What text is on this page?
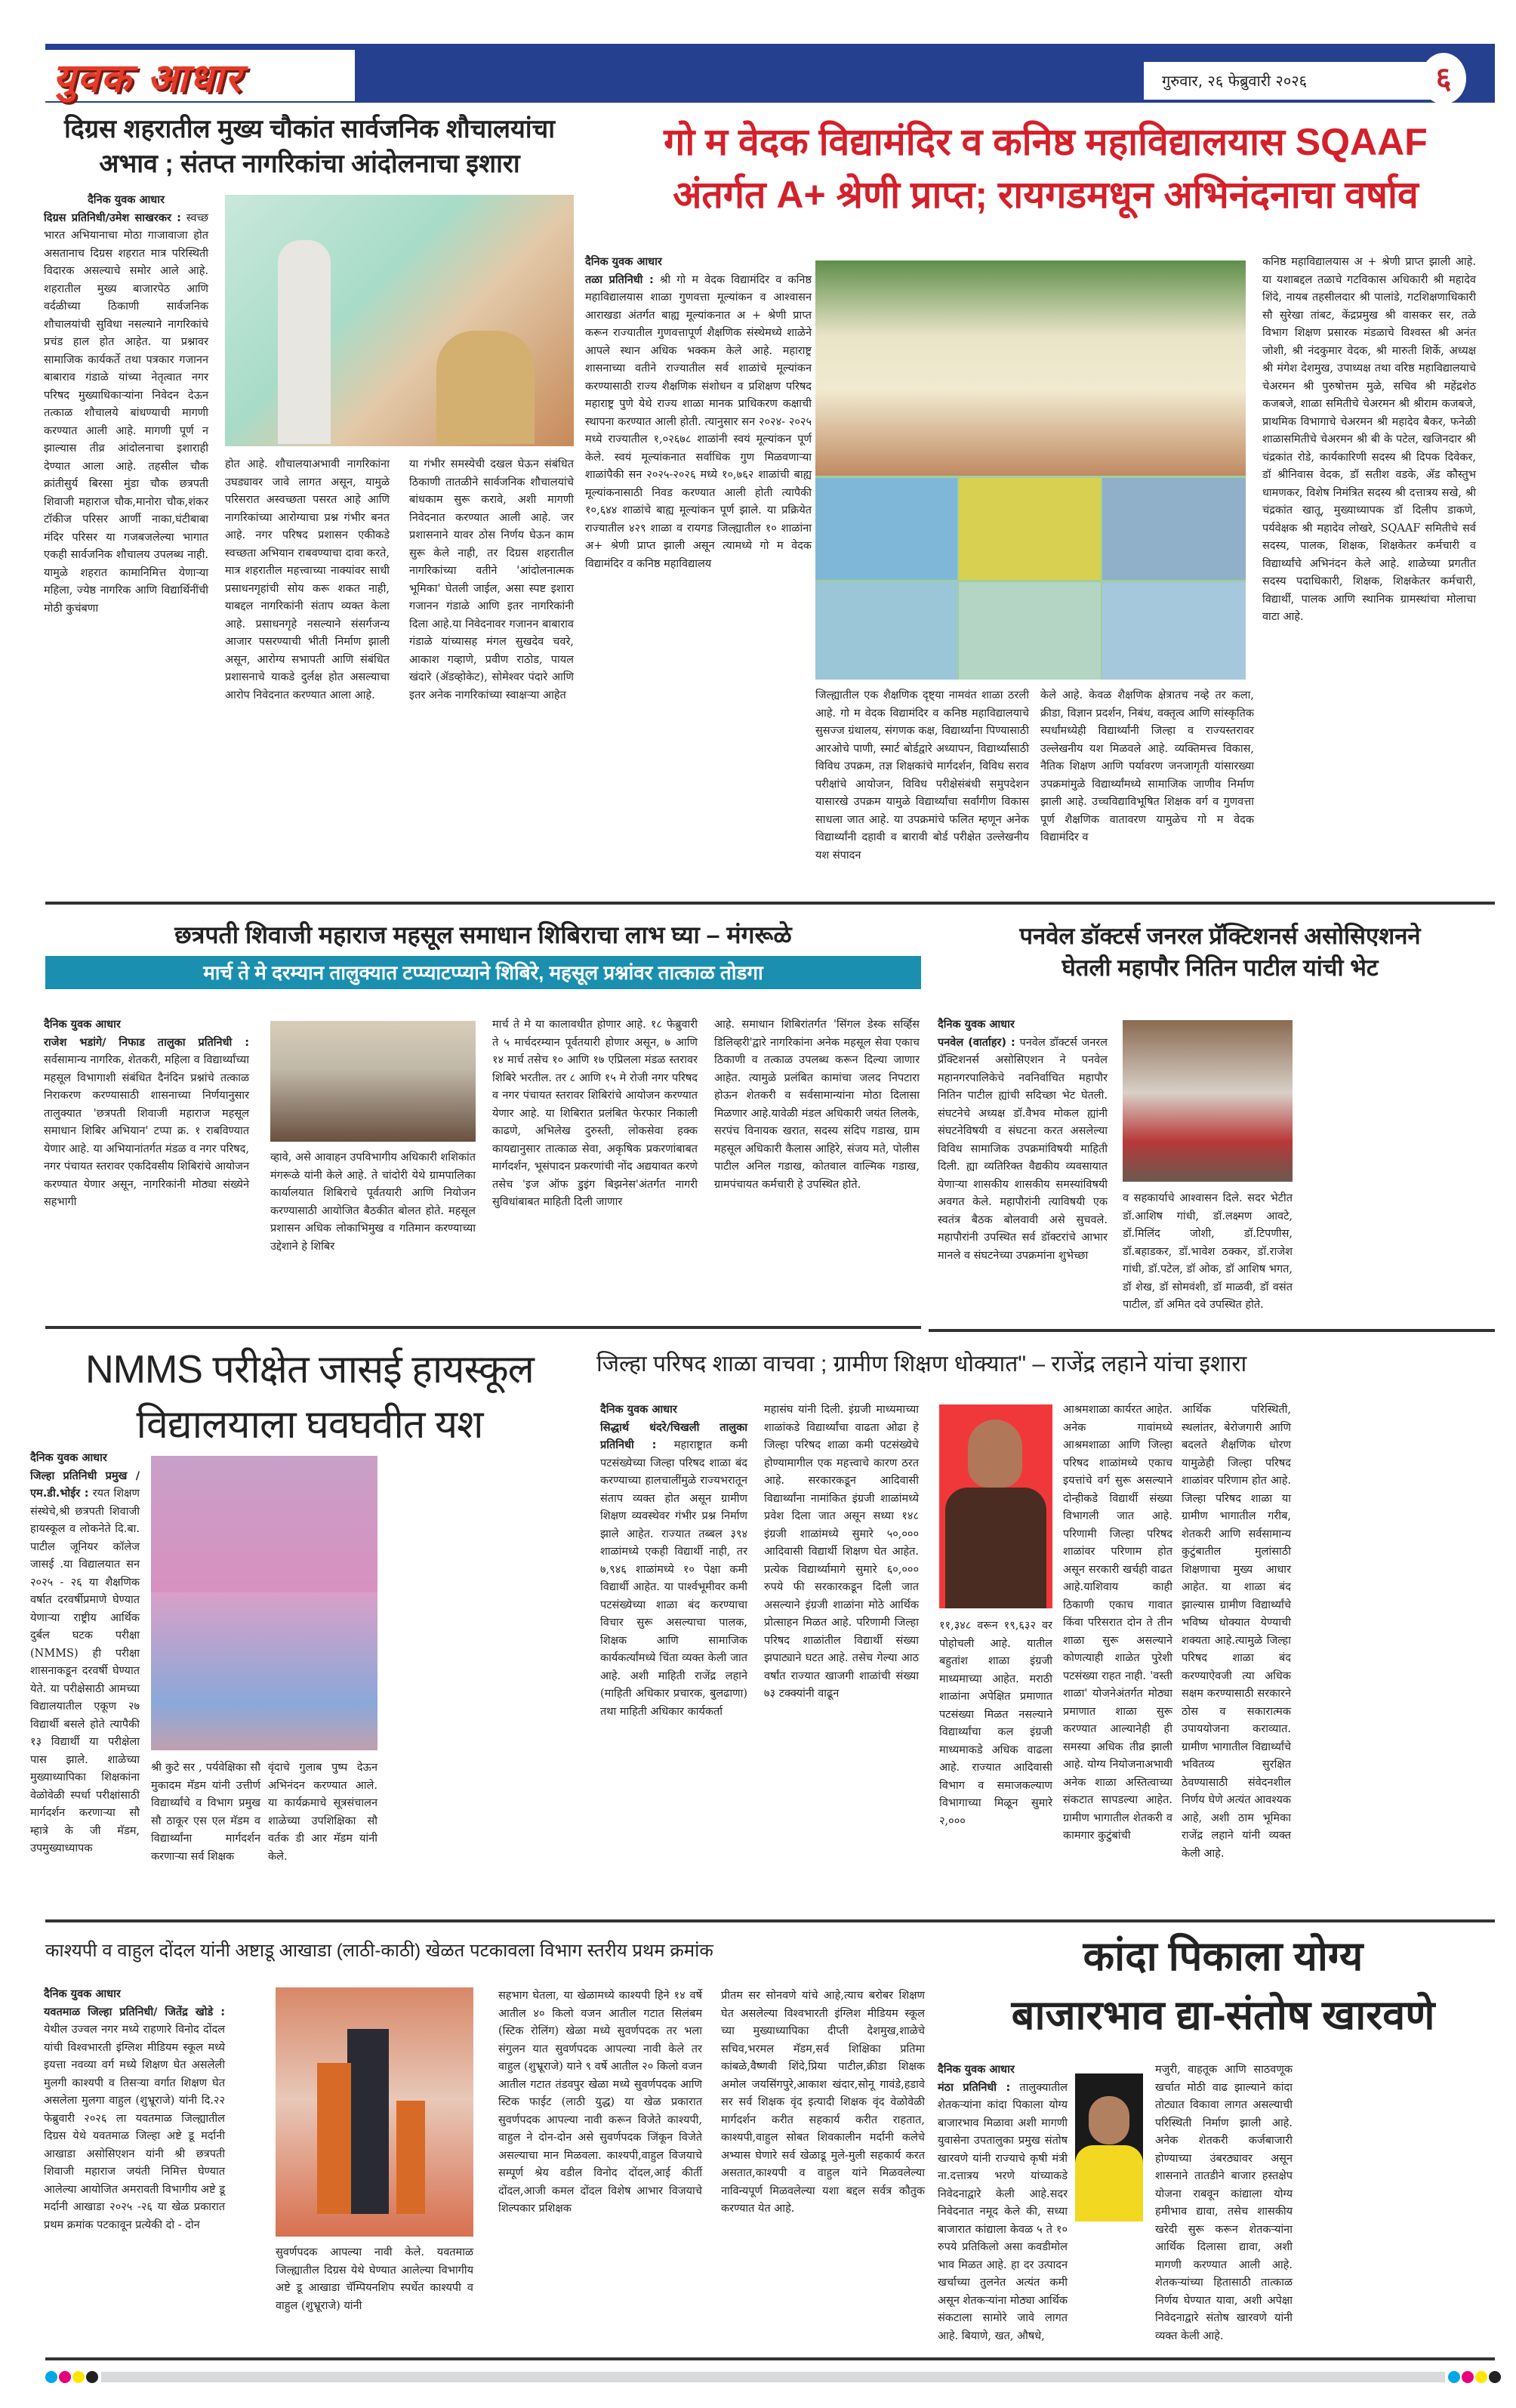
युवक आधार	गुरुवार, २६ फेब्रुवारी २०२६	६
दिग्रस शहरातील मुख्य चौकांत सार्वजनिक शौचालयांचा
अभाव ; संतप्त नागरिकांचा आंदोलनाचा इशारा
दैनिक युवक आधार
दिग्रस प्रतिनिधी/उमेश साखरकर : स्वच्छ भारत अभियानाचा मोठा गाजावाजा होत असतानाच दिग्रस शहरात मात्र परिस्थिती विदारक असल्याचे समोर आले आहे. शहरातील मुख्य बाजारपेठ आणि वर्दळीच्या ठिकाणी सार्वजनिक शौचालयांची सुविधा नसल्याने नागरिकांचे प्रचंड हाल होत आहेत. या प्रश्नावर सामाजिक कार्यकर्ते तथा पत्रकार गजानन बाबाराव गंडाळे यांच्या नेतृत्वात नगर परिषद मुख्याधिकाऱ्यांना निवेदन देऊन तत्काळ शौचालये बांधण्याची मागणी करण्यात आली आहे. मागणी पूर्ण न झाल्यास तीव्र आंदोलनाचा इशाराही देण्यात आला आहे. तहसील चौक क्रांतीसुर्य बिरसा मुंडा चौक छत्रपती शिवाजी महाराज चौक,मानोरा चौक,शंकर टॉकीज परिसर आर्णी नाका,घंटीबाबा मंदिर परिसर या गजबजलेल्या भागात एकही सार्वजनिक शौचालय उपलब्ध नाही. यामुळे शहरात कामानिमित्त येणाऱ्या महिला, ज्येष्ठ नागरिक आणि विद्यार्थिनींची मोठी कुचंबणा
होत आहे. शौचालयाअभावी नागरिकांना उघड्यावर जावे लागत असून, यामुळे परिसरात अस्वच्छता पसरत आहे आणि नागरिकांच्या आरोग्याचा प्रश्न गंभीर बनत आहे. नगर परिषद प्रशासन एकीकडे स्वच्छता अभियान राबवण्याचा दावा करते, मात्र शहरातील महत्त्वाच्या नाक्यांवर साधी प्रसाधनगृहांची सोय करू शकत नाही, याबद्दल नागरिकांनी संताप व्यक्त केला आहे. प्रसाधनगृहे नसल्याने संसर्गजन्य आजार पसरण्याची भीती निर्माण झाली असून, आरोग्य सभापती आणि संबंधित प्रशासनाचे याकडे दुर्लक्ष होत असल्याचा आरोप निवेदनात करण्यात आला आहे.
या गंभीर समस्येची दखल घेऊन संबंधित ठिकाणी तातळीने सार्वजनिक शौचालयांचे बांधकाम सुरू करावे, अशी मागणी निवेदनात करण्यात आली आहे. जर प्रशासनाने यावर ठोस निर्णय घेऊन काम सुरू केले नाही, तर दिग्रस शहरातील नागरिकांच्या वतीने 'आंदोलनात्मक भूमिका' घेतली जाईल, असा स्पष्ट इशारा गजानन गंडाळे आणि इतर नागरिकांनी दिला आहे.या निवेदनावर गजानन बाबाराव गंडाळे यांच्यासह मंगल सुखदेव चवरे, आकाश गव्हाणे, प्रवीण राठोड, पायल खंदारे (ॲडव्होकेट), सोमेश्वर पंदारे आणि इतर अनेक नागरिकांच्या स्वाक्षऱ्या आहेत
गो म वेदक विद्यामंदिर व कनिष्ठ महाविद्यालयास SQAAF
अंतर्गत A+ श्रेणी प्राप्त; रायगडमधून अभिनंदनाचा वर्षाव
दैनिक युवक आधार
तळा प्रतिनिधी : श्री गो म वेदक विद्यामंदिर व कनिष्ठ महाविद्यालयास शाळा गुणवत्ता मूल्यांकन व आश्वासन आराखडा अंतर्गत बाह्य मूल्यांकनात अ + श्रेणी प्राप्त करून राज्यातील गुणवत्तापूर्ण शैक्षणिक संस्थेमध्ये शाळेने आपले स्थान अधिक भक्कम केले आहे. महाराष्ट्र शासनाच्या वतीने राज्यातील सर्व शाळांचे मूल्यांकन करण्यासाठी राज्य शैक्षणिक संशोधन व प्रशिक्षण परिषद महाराष्ट्र पुणे येथे राज्य शाळा मानक प्राधिकरण कक्षाची स्थापना करण्यात आली होती. त्यानुसार सन २०२४- २०२५ मध्ये राज्यातील १,०२६७८ शाळांनी स्वयं मूल्यांकन पूर्ण केले. स्वयं मूल्यांकनात सर्वाधिक गुण मिळवणाऱ्या शाळांपैकी सन २०२५-२०२६ मध्ये १०,७६२ शाळांची बाह्य मूल्यांकनासाठी निवड करण्यात आली होती त्यापैकी १०,६४४ शाळांचे बाह्य मूल्यांकन पूर्ण झाले. या प्रक्रियेत राज्यातील ४२९ शाळा व रायगड जिल्ह्यातील १० शाळांना अ+ श्रेणी प्राप्त झाली असून त्यामध्ये गो म वेदक विद्यामंदिर व कनिष्ठ महाविद्यालय
जिल्ह्यातील एक शैक्षणिक दृष्ट्या नामवंत शाळा ठरली आहे. गो म वेदक विद्यामंदिर व कनिष्ठ महाविद्यालयाचे सुसज्ज ग्रंथालय, संगणक कक्ष, विद्यार्थ्यांना पिण्यासाठी आरओचे पाणी, स्मार्ट बोर्डद्वारे अध्यापन, विद्यार्थ्यांसाठी विविध उपक्रम, तज्ञ शिक्षकांचे मार्गदर्शन, विविध सराव परीक्षांचे आयोजन, विविध परीक्षेसंबंधी समुपदेशन यासारखे उपक्रम यामुळे विद्यार्थ्यांचा सर्वांगीण विकास साधला जात आहे. या उपक्रमांचे फलित म्हणून अनेक विद्यार्थ्यांनी दहावी व बारावी बोर्ड परीक्षेत उल्लेखनीय यश संपादन
केले आहे. केवळ शैक्षणिक क्षेत्रातच नव्हे तर कला, क्रीडा, विज्ञान प्रदर्शन, निबंध, वक्तृत्व आणि सांस्कृतिक स्पर्धांमध्येही विद्यार्थ्यांनी जिल्हा व राज्यस्तरावर उल्लेखनीय यश मिळवले आहे. व्यक्तिमत्त्व विकास, नैतिक शिक्षण आणि पर्यावरण जनजागृती यांसारख्या उपक्रमांमुळे विद्यार्थ्यांमध्ये सामाजिक जाणीव निर्माण झाली आहे. उच्चविद्याविभूषित शिक्षक वर्ग व गुणवत्ता पूर्ण शैक्षणिक वातावरण यामुळेच गो म वेदक विद्यामंदिर व
कनिष्ठ महाविद्यालयास अ + श्रेणी प्राप्त झाली आहे. या यशाबद्दल तळाचे गटविकास अधिकारी श्री महादेव शिंदे, नायब तहसीलदार श्री पालांडे, गटशिक्षणाधिकारी सौ सुरेखा तांबट, केंद्रप्रमुख श्री वासकर सर, तळे विभाग शिक्षण प्रसारक मंडळाचे विश्वस्त श्री अनंत जोशी, श्री नंदकुमार वेदक, श्री मारुती शिर्के, अध्यक्ष श्री मंगेश देशमुख, उपाध्यक्ष तथा वरिष्ठ महाविद्यालयाचे चेअरमन श्री पुरुषोत्तम मुळे, सचिव श्री महेंद्रशेठ कजबजे, शाळा समितीचे चेअरमन श्री श्रीराम कजबजे, प्राथमिक विभागाचे चेअरमन श्री महादेव बैकर, फनेळी शाळासमितीचे चेअरमन श्री बी के पटेल, खजिनदार श्री चंद्रकांत रोडे, कार्यकारिणी सदस्य श्री दिपक दिवेकर, डॉ श्रीनिवास वेदक, डॉ सतीश वडके, ॲड कौस्तुभ धामणकर, विशेष निमंत्रित सदस्य श्री दत्तात्रय सखे, श्री चंद्रकांत खातू, मुख्याध्यापक डॉ दिलीप डाकणे, पर्यवेक्षक श्री महादेव लोखरे, SQAAF समितीचे सर्व सदस्य, पालक, शिक्षक, शिक्षकेतर कर्मचारी व विद्यार्थ्यांचे अभिनंदन केले आहे. शाळेच्या प्रगतीत सदस्य पदाधिकारी, शिक्षक, शिक्षकेतर कर्मचारी, विद्यार्थी, पालक आणि स्थानिक ग्रामस्थांचा मोलाचा वाटा आहे.
छत्रपती शिवाजी महाराज महसूल समाधान शिबिराचा लाभ घ्या – मंगरूळे
मार्च ते मे दरम्यान तालुक्यात टप्प्याटप्प्याने शिबिरे, महसूल प्रश्नांवर तात्काळ तोडगा
दैनिक युवक आधार
राजेश भडांगे/ निफाड तालुका प्रतिनिधी : सर्वसामान्य नागरिक, शेतकरी, महिला व विद्यार्थ्यांच्या महसूल विभागाशी संबंधित दैनंदिन प्रश्नांचे तत्काळ निराकरण करण्यासाठी शासनाच्या निर्णयानुसार तालुक्यात 'छत्रपती शिवाजी महाराज महसूल समाधान शिबिर अभियान' टप्पा क्र. १ राबविण्यात येणार आहे. या अभियानांतर्गत मंडळ व नगर परिषद, नगर पंचायत स्तरावर एकदिवसीय शिबिरांचे आयोजन करण्यात येणार असून, नागरिकांनी मोठ्या संख्येने सहभागी
व्हावे, असे आवाहन उपविभागीय अधिकारी शशिकांत मंगरूळे यांनी केले आहे. ते चांदोरी येथे ग्रामपालिका कार्यालयात शिबिराचे पूर्वतयारी आणि नियोजन करण्यासाठी आयोजित बैठकीत बोलत होते. महसूल प्रशासन अधिक लोकाभिमुख व गतिमान करण्याच्या उद्देशाने हे शिबिर
मार्च ते मे या कालावधीत होणार आहे. १८ फेब्रुवारी ते ५ मार्चदरम्यान पूर्वतयारी होणार असून, ७ आणि १४ मार्च तसेच १० आणि १७ एप्रिलला मंडळ स्तरावर शिबिरे भरतील. तर ८ आणि १५ मे रोजी नगर परिषद व नगर पंचायत स्तरावर शिबिरांचे आयोजन करण्यात येणार आहे. या शिबिरात प्रलंबित फेरफार निकाली काढणे, अभिलेख दुरुस्ती, लोकसेवा हक्क कायद्यानुसार तात्काळ सेवा, अकृषिक प्रकरणांबाबत मार्गदर्शन, भूसंपादन प्रकरणांची नोंद अद्ययावत करणे तसेच 'इज ऑफ डुइंग बिझनेस'अंतर्गत नागरी सुविधांबाबत माहिती दिली जाणार
आहे. समाधान शिबिरांतर्गत 'सिंगल डेस्क सर्व्हिस डिलिव्हरी'द्वारे नागरिकांना अनेक महसूल सेवा एकाच ठिकाणी व तत्काळ उपलब्ध करून दिल्या जाणार आहेत. त्यामुळे प्रलंबित कामांचा जलद निपटारा होऊन शेतकरी व सर्वसामान्यांना मोठा दिलासा मिळणार आहे.यावेळी मंडल अधिकारी जयंत लिलके, सरपंच विनायक खरात, सदस्य संदिप गडाख, ग्राम महसूल अधिकारी कैलास आहिरे, संजय मते, पोलीस पाटील अनिल गडाख, कोतवाल वाल्मिक गडाख, ग्रामपंचायत कर्मचारी हे उपस्थित होते.
पनवेल डॉक्टर्स जनरल प्रॅक्टिशनर्स असोसिएशनने
घेतली महापौर नितिन पाटील यांची भेट
दैनिक युवक आधार
पनवेल (वार्ताहर) : पनवेल डॉक्टर्स जनरल प्रॅक्टिशनर्स असोसिएशन ने पनवेल महानगरपालिकेचे नवनिर्वाचित महापौर नितिन पाटील ह्यांची सदिच्छा भेट घेतली. संघटनेचे अध्यक्ष डॉ.वैभव मोकल ह्यांनी संघटनेविषयी व संघटना करत असलेल्या विविध सामाजिक उपक्रमांविषयी माहिती दिली. ह्या व्यतिरिक्त वैद्यकीय व्यवसायात येणाऱ्या शासकीय शासकीय समस्यांविषयी अवगत केले. महापौरांनी त्याविषयी एक स्वतंत्र बैठक बोलवावी असे सुचवले. महापौरांनी उपस्थित सर्व डॉक्टरांचे आभार मानले व संघटनेच्या उपक्रमांना शुभेच्छा
व सहकार्याचे आश्वासन दिले. सदर भेटीत डॉ.आशिष गांधी, डॉ.लक्ष्मण आवटे, डॉ.मिलिंद जोशी, डॉ.टिपणीस, डॉ.बहाडकर, डॉ.भावेश ठक्कर, डॉ.राजेश गांधी, डॉ.पटेल, डॉ ओक, डॉ आशिष भगत, डॉ शेख, डॉ सोमवंशी, डॉ माळवी, डॉ वसंत पाटील, डॉ अमित दवे उपस्थित होते.
NMMS परीक्षेत जासई हायस्कूल
विद्यालयाला घवघवीत यश
दैनिक युवक आधार
जिल्हा प्रतिनिधी प्रमुख / एम.डी.भोईर : रयत शिक्षण संस्थेचे,श्री छत्रपती शिवाजी हायस्कूल व लोकनेते दि.बा. पाटील जूनियर कॉलेज जासई .या विद्यालयात सन २०२५ - २६ या शैक्षणिक वर्षात दरवर्षीप्रमाणे घेण्यात येणाऱ्या राष्ट्रीय आर्थिक दुर्बल घटक परीक्षा (NMMS) ही परीक्षा शासनाकडून दरवर्षी घेण्यात येते. या परीक्षेसाठी आमच्या विद्यालयातील एकूण २७ विद्यार्थी बसले होते त्यापैकी १३ विद्यार्थी या परीक्षेला पास झाले. शाळेच्या मुख्याध्यापिका शिक्षकांना वेळोवेळी स्पर्धा परीक्षांसाठी मार्गदर्शन करणाऱ्या सौ म्हात्रे के जी मॅडम, उपमुख्याध्यापक
श्री कुटे सर , पर्यवेक्षिका सौ मुकादम मॅडम यांनी उत्तीर्ण विद्यार्थ्यांचे व विभाग प्रमुख सौ ठाकूर एस एल मॅडम व विद्यार्थ्यांना मार्गदर्शन करणाऱ्या सर्व शिक्षक
वृंदाचे गुलाब पुष्प देऊन अभिनंदन करण्यात आले. या कार्यक्रमाचे सूत्रसंचालन शाळेच्या उपशिक्षिका सौ वर्तक डी आर मॅडम यांनी केले.
जिल्हा परिषद शाळा वाचवा ; ग्रामीण शिक्षण धोक्यात" – राजेंद्र लहाने यांचा इशारा
दैनिक युवक आधार
सिद्धार्थ धंदरे/चिखली तालुका प्रतिनिधी : महाराष्ट्रात कमी पटसंख्येच्या जिल्हा परिषद शाळा बंद करण्याच्या हालचालींमुळे राज्यभरातून संताप व्यक्त होत असून ग्रामीण शिक्षण व्यवस्थेवर गंभीर प्रश्न निर्माण झाले आहेत. राज्यात तब्बल ३९४ शाळांमध्ये एकही विद्यार्थी नाही, तर ७,९४६ शाळांमध्ये १० पेक्षा कमी विद्यार्थी आहेत. या पार्श्वभूमीवर कमी पटसंख्येच्या शाळा बंद करण्याचा विचार सुरू असल्याचा पालक, शिक्षक आणि सामाजिक कार्यकर्त्यांमध्ये चिंता व्यक्त केली जात आहे. अशी माहिती राजेंद्र लहाने (माहिती अधिकार प्रचारक, बुलढाणा) तथा माहिती अधिकार कार्यकर्ता
महासंघ यांनी दिली. इंग्रजी माध्यमाच्या शाळांकडे विद्यार्थ्यांचा वाढता ओढा हे जिल्हा परिषद शाळा कमी पटसंख्येचे होण्यामागील एक महत्त्वाचे कारण ठरत आहे. सरकारकडून आदिवासी विद्यार्थ्यांना नामांकित इंग्रजी शाळांमध्ये प्रवेश दिला जात असून सध्या १४८ इंग्रजी शाळांमध्ये सुमारे ५०,००० आदिवासी विद्यार्थी शिक्षण घेत आहेत. प्रत्येक विद्यार्थ्यामागे सुमारे ६०,००० रुपये फी सरकारकडून दिली जात असल्याने इंग्रजी शाळांना मोठे आर्थिक प्रोत्साहन मिळत आहे. परिणामी जिल्हा परिषद शाळांतील विद्यार्थी संख्या झपाट्याने घटत आहे. तसेच गेल्या आठ वर्षांत राज्यात खाजगी शाळांची संख्या ७३ टक्क्यांनी वाढून
११,३४८ वरून १९,६३२ वर पोहोचली आहे. यातील बहुतांश शाळा इंग्रजी माध्यमाच्या आहेत. मराठी शाळांना अपेक्षित प्रमाणात पटसंख्या मिळत नसल्याने विद्यार्थ्यांचा कल इंग्रजी माध्यमाकडे अधिक वाढला आहे. राज्यात आदिवासी विभाग व समाजकल्याण विभागाच्या मिळून सुमारे २,०००
आश्रमशाळा कार्यरत आहेत. अनेक गावांमध्ये आश्रमशाळा आणि जिल्हा परिषद शाळांमध्ये एकाच इयत्तांचे वर्ग सुरू असल्याने दोन्हीकडे विद्यार्थी संख्या विभागली जात आहे. परिणामी जिल्हा परिषद शाळांवर परिणाम होत असून सरकारी खर्चही वाढत आहे.याशिवाय काही ठिकाणी एकाच गावात किंवा परिसरात दोन ते तीन शाळा सुरू असल्याने कोणत्याही शाळेत पुरेशी पटसंख्या राहत नाही. 'वस्ती शाळा' योजनेअंतर्गत मोठ्या प्रमाणात शाळा सुरू करण्यात आल्यानेही ही समस्या अधिक तीव्र झाली आहे. योग्य नियोजनाअभावी अनेक शाळा अस्तित्वाच्या संकटात सापडल्या आहेत. ग्रामीण भागातील शेतकरी व कामगार कुटुंबांची
आर्थिक परिस्थिती, स्थलांतर, बेरोजगारी आणि बदलते शैक्षणिक धोरण यामुळेही जिल्हा परिषद शाळांवर परिणाम होत आहे. जिल्हा परिषद शाळा या ग्रामीण भागातील गरीब, शेतकरी आणि सर्वसामान्य कुटुंबातील मुलांसाठी शिक्षणाचा मुख्य आधार आहेत. या शाळा बंद झाल्यास ग्रामीण विद्यार्थ्यांचे भविष्य धोक्यात येण्याची शक्यता आहे.त्यामुळे जिल्हा परिषद शाळा बंद करण्याऐवजी त्या अधिक सक्षम करण्यासाठी सरकारने ठोस व सकारात्मक उपाययोजना कराव्यात. ग्रामीण भागातील विद्यार्थ्यांचे भवितव्य सुरक्षित ठेवण्यासाठी संवेदनशील निर्णय घेणे अत्यंत आवश्यक आहे, अशी ठाम भूमिका राजेंद्र लहाने यांनी व्यक्त केली आहे.
काश्यपी व वाहुल दोंदल यांनी अष्टाडू आखाडा (लाठी-काठी) खेळत पटकावला विभाग स्तरीय प्रथम क्रमांक
दैनिक युवक आधार
यवतमाळ जिल्हा प्रतिनिधी/ जितेंद्र खोडे : येथील उज्वल नगर मध्ये राहणारे विनोद दोंदल यांची विश्वभारती इंग्लिश मीडियम स्कूल मध्ये इयत्ता नवव्या वर्ग मध्ये शिक्षण घेत असलेली मुलगी काश्यपी व तिसऱ्या वर्गात शिक्षण घेत असलेला मुलगा वाहुल (शुभ्रूराजे) यांनी दि.२२ फेब्रुवारी २०२६ ला यवतमाळ जिल्ह्यातील दिग्रस येथे यवतमाळ जिल्हा अष्टे डू मर्दानी आखाडा असोसिएशन यांनी श्री छत्रपती शिवाजी महाराज जयंती निमित्त घेण्यात आलेल्या आयोजित अमरावती विभागीय अष्टे डू मर्दानी आखाडा २०२५ -२६ या खेळ प्रकारात प्रथम क्रमांक पटकावून प्रत्येकी दो - दोन
सुवर्णपदक आपल्या नावी केले. यवतमाळ जिल्ह्यातील दिग्रस येथे घेण्यात आलेल्या विभागीय अष्टे डू आखाडा चॅम्पियनशिप स्पर्धेत काश्यपी व वाहुल (शुभ्रूराजे) यांनी
सहभाग घेतला, या खेळामध्ये काश्यपी हिने १४ वर्षे आतील ४० किलो वजन आतील गटात सिलंबम (स्टिक रोलिंग) खेळा मध्ये सुवर्णपदक तर भला संगुलन यात सुवर्णपदक आपल्या नावी केले तर वाहुल (शुभ्रूराजे) याने ९ वर्षे आतील २० किलो वजन आतील गटात तंडवपुर खेळा मध्ये सुवर्णपदक आणि स्टिक फाईट (लाठी युद्ध) या खेळ प्रकारात सुवर्णपदक आपल्या नावी करून विजेते काश्यपी, वाहुल ने दोन-दोन असे सुवर्णपदक जिंकून विजेते असल्याचा मान मिळवला. काश्यपी,वाहुल विजयाचे सम्पूर्ण श्रेय वडील विनोद दोंदल,आई कीर्ती दोंदल,आजी कमल दोंदल विशेष आभार विजयाचे शिल्पकार प्रशिक्षक
प्रीतम सर सोनवणे यांचे आहे,त्याच बरोबर शिक्षण घेत असलेल्या विश्वभारती इंग्लिश मीडियम स्कूल च्या मुख्याध्यापिका दीप्ती देशमुख,शाळेचे सचिव,भरमल मॅडम,सर्व शिक्षिका प्रतिमा कांबळे,वैष्णवी शिंदे,प्रिया पाटील,क्रीडा शिक्षक अमोल जयसिंगपुरे,आकाश खंदार,सोनू गावंडे,हडावे सर सर्व शिक्षक वृंद इत्यादी शिक्षक वृंद वेळोवेळी मार्गदर्शन करीत सहकार्य करीत राहतात, काश्यपी,वाहुल सोबत शिवकालीन मर्दानी कलेचे अभ्यास घेणारे सर्व खेळाडू मुले-मुली सहकार्य करत असतात,काश्यपी व वाहुल यांने मिळवलेल्या नाविन्यपूर्ण मिळवलेल्या यशा बद्दल सर्वत्र कौतुक करण्यात येत आहे.
कांदा पिकाला योग्य
बाजारभाव द्या-संतोष खारवणे
दैनिक युवक आधार
मंठा प्रतिनिधी : तालुक्यातील शेतकऱ्यांना कांदा पिकाला योग्य बाजारभाव मिळावा अशी मागणी युवासेना उपतालुका प्रमुख संतोष खारवणे यांनी राज्याचे कृषी मंत्री ना.दत्तात्रय भरणे यांच्याकडे निवेदनाद्वारे केली आहे.सदर निवेदनात नमूद केले की, सध्या बाजारात कांद्याला केवळ ५ ते १० रुपये प्रतिकिलो असा कवडीमोल भाव मिळत आहे. हा दर उत्पादन खर्चाच्या तुलनेत अत्यंत कमी असून शेतकऱ्यांना मोठ्या आर्थिक संकटाला सामोरे जावे लागत आहे. बियाणे, खत, औषधे,
मजुरी, वाहतूक आणि साठवणूक खर्चात मोठी वाढ झाल्याने कांदा तोट्यात विकावा लागत असल्याची परिस्थिती निर्माण झाली आहे. अनेक शेतकरी कर्जबाजारी होण्याच्या उंबरठ्यावर असून शासनाने तातडीने बाजार हस्तक्षेप योजना राबवून कांद्याला योग्य हमीभाव द्यावा, तसेच शासकीय खरेदी सुरू करून शेतकऱ्यांना आर्थिक दिलासा द्यावा, अशी मागणी करण्यात आली आहे. शेतकऱ्यांच्या हितासाठी तात्काळ निर्णय घेण्यात यावा, अशी अपेक्षा निवेदनाद्वारे संतोष खारवणे यांनी व्यक्त केली आहे.
